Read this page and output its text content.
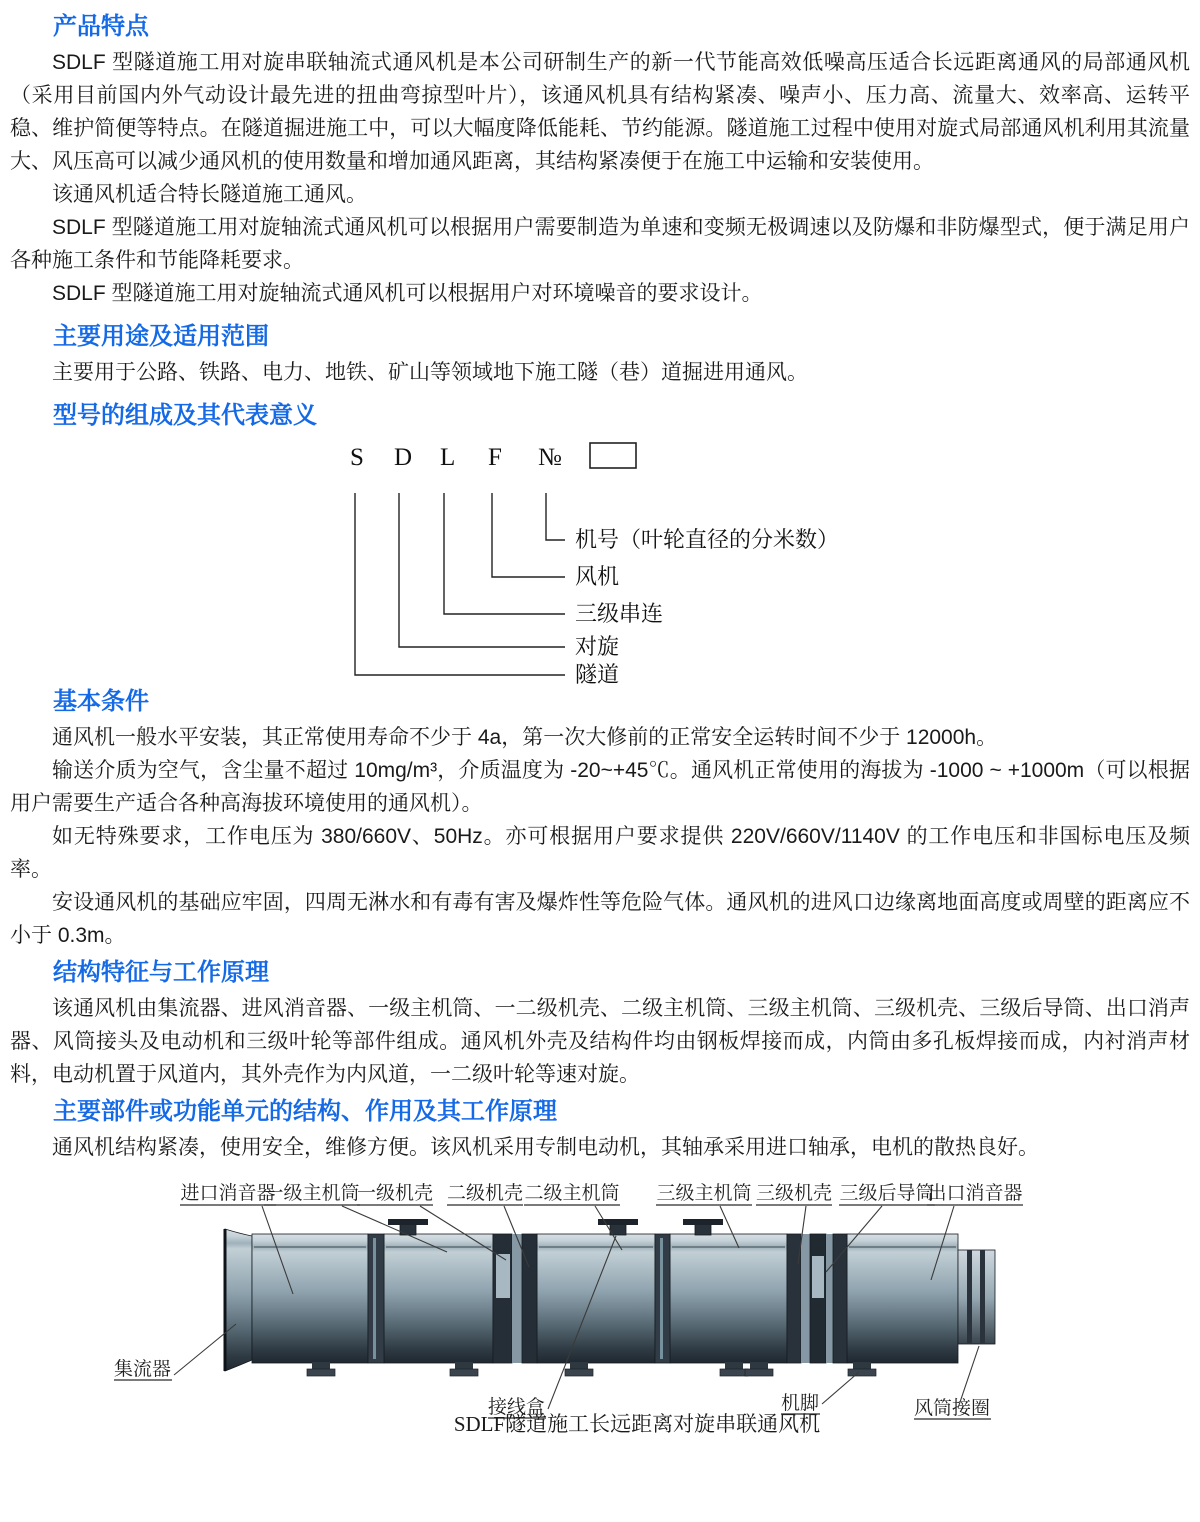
产品特点

SDLF 型隧道施工用对旋串联轴流式通风机是本公司研制生产的新一代节能高效低噪高压适合长远距离通风的局部通风机（采用目前国内外气动设计最先进的扭曲弯掠型叶片），该通风机具有结构紧凑、噪声小、压力高、流量大、效率高、运转平稳、维护简便等特点。在隧道掘进施工中，可以大幅度降低能耗、节约能源。隧道施工过程中使用对旋式局部通风机利用其流量大、风压高可以减少通风机的使用数量和增加通风距离，其结构紧凑便于在施工中运输和安装使用。

该通风机适合特长隧道施工通风。

SDLF 型隧道施工用对旋轴流式通风机可以根据用户需要制造为单速和变频无极调速以及防爆和非防爆型式，便于满足用户各种施工条件和节能降耗要求。

SDLF 型隧道施工用对旋轴流式通风机可以根据用户对环境噪音的要求设计。

主要用途及适用范围

主要用于公路、铁路、电力、地铁、矿山等领域地下施工隧（巷）道掘进用通风。

型号的组成及其代表意义
S D L F №
机号（叶轮直径的分米数）
风机
三级串连
对旋
隧道
基本条件

通风机一般水平安装，其正常使用寿命不少于 4a，第一次大修前的正常安全运转时间不少于 12000h。

输送介质为空气，含尘量不超过 10mg/m³，介质温度为 -20~+45℃。通风机正常使用的海拔为 -1000 ~ +1000m（可以根据用户需要生产适合各种高海拔环境使用的通风机）。

如无特殊要求，工作电压为 380/660V、50Hz。亦可根据用户要求提供 220V/660V/1140V 的工作电压和非国标电压及频率。

安设通风机的基础应牢固，四周无淋水和有毒有害及爆炸性等危险气体。通风机的进风口边缘离地面高度或周壁的距离应不小于 0.3m。

结构特征与工作原理

该通风机由集流器、进风消音器、一级主机筒、一二级机壳、二级主机筒、三级主机筒、三级机壳、三级后导筒、出口消声器、风筒接头及电动机和三级叶轮等部件组成。通风机外壳及结构件均由钢板焊接而成，内筒由多孔板焊接而成，内衬消声材料，电动机置于风道内，其外壳作为内风道，一二级叶轮等速对旋。

主要部件或功能单元的结构、作用及其工作原理

通风机结构紧凑，使用安全，维修方便。该风机采用专制电动机，其轴承采用进口轴承，电机的散热良好。

进口消音器
一级主机筒
一级机壳 二级机壳 二级主机筒 三级主机筒 三级机壳 三级后导筒
出口消音器
集流器
接线盒	机脚	风筒接圈
SDLF隧道施工长远距离对旋串联通风机
